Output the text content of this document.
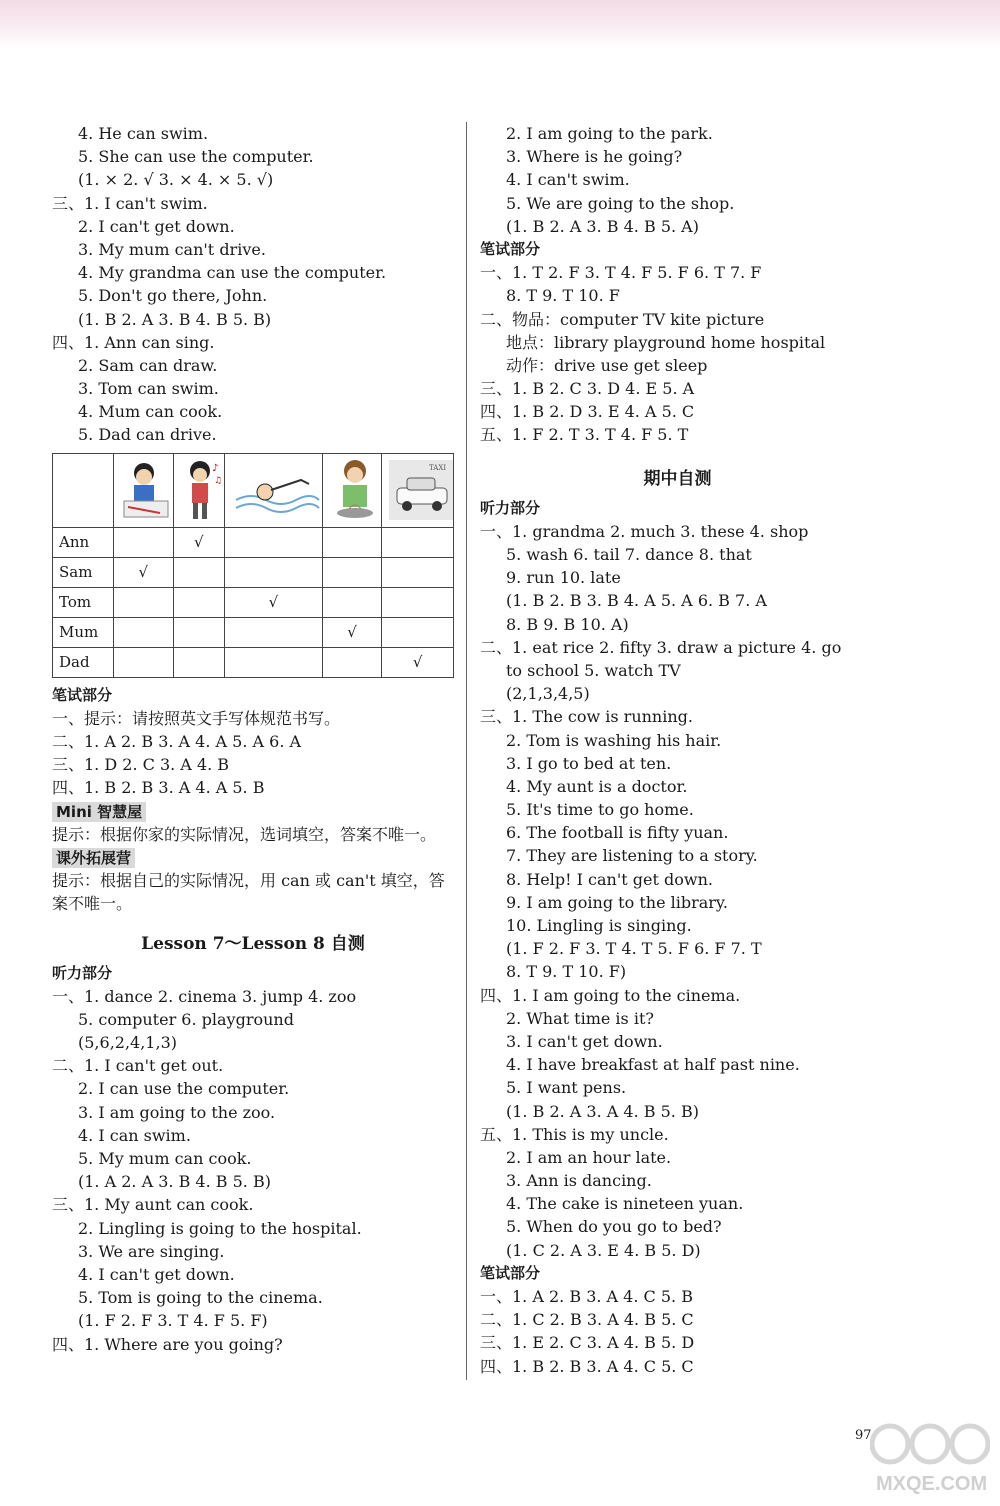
4. He can swim.
5. She can use the computer.
(1. × 2. √ 3. × 4. × 5. √)
三、1. I can't swim.
2. I can't get down.
3. My mum can't drive.
4. My grandma can use the computer.
5. Don't go there, John.
(1. B 2. A 3. B 4. B 5. B)
四、1. Ann can sing.
2. Sam can draw.
3. Tom can swim.
4. Mum can cook.
5. Dad can drive.

♪
♫			TAXI

Ann		√			
Sam	√				
Tom			√		
Mum				√	
Dad					√
笔试部分
一、提示：请按照英文手写体规范书写。
二、1. A 2. B 3. A 4. A 5. A 6. A
三、1. D 2. C 3. A 4. B
四、1. B 2. B 3. A 4. A 5. B
Mini 智慧屋
提示：根据你家的实际情况，选词填空，答案不唯一。
课外拓展营
提示：根据自己的实际情况，用 can 或 can't 填空，答案不唯一。
Lesson 7～Lesson 8 自测
听力部分
一、1. dance 2. cinema 3. jump 4. zoo
5. computer 6. playground
(5,6,2,4,1,3)
二、1. I can't get out.
2. I can use the computer.
3. I am going to the zoo.
4. I can swim.
5. My mum can cook.
(1. A 2. A 3. B 4. B 5. B)
三、1. My aunt can cook.
2. Lingling is going to the hospital.
3. We are singing.
4. I can't get down.
5. Tom is going to the cinema.
(1. F 2. F 3. T 4. F 5. F)
四、1. Where are you going?
2. I am going to the park.
3. Where is he going?
4. I can't swim.
5. We are going to the shop.
(1. B 2. A 3. B 4. B 5. A)
笔试部分
一、1. T 2. F 3. T 4. F 5. F 6. T 7. F
8. T 9. T 10. F
二、物品：computer TV kite picture
地点：library playground home hospital
动作：drive use get sleep
三、1. B 2. C 3. D 4. E 5. A
四、1. B 2. D 3. E 4. A 5. C
五、1. F 2. T 3. T 4. F 5. T
期中自测
听力部分
一、1. grandma 2. much 3. these 4. shop
5. wash 6. tail 7. dance 8. that
9. run 10. late
(1. B 2. B 3. B 4. A 5. A 6. B 7. A
8. B 9. B 10. A)
二、1. eat rice 2. fifty 3. draw a picture 4. go
to school 5. watch TV
(2,1,3,4,5)
三、1. The cow is running.
2. Tom is washing his hair.
3. I go to bed at ten.
4. My aunt is a doctor.
5. It's time to go home.
6. The football is fifty yuan.
7. They are listening to a story.
8. Help! I can't get down.
9. I am going to the library.
10. Lingling is singing.
(1. F 2. F 3. T 4. T 5. F 6. F 7. T
8. T 9. T 10. F)
四、1. I am going to the cinema.
2. What time is it?
3. I can't get down.
4. I have breakfast at half past nine.
5. I want pens.
(1. B 2. A 3. A 4. B 5. B)
五、1. This is my uncle.
2. I am an hour late.
3. Ann is dancing.
4. The cake is nineteen yuan.
5. When do you go to bed?
(1. C 2. A 3. E 4. B 5. D)
笔试部分
一、1. A 2. B 3. A 4. C 5. B
二、1. C 2. B 3. A 4. B 5. C
三、1. E 2. C 3. A 4. B 5. D
四、1. B 2. B 3. A 4. C 5. C
97
MXQE.COM
